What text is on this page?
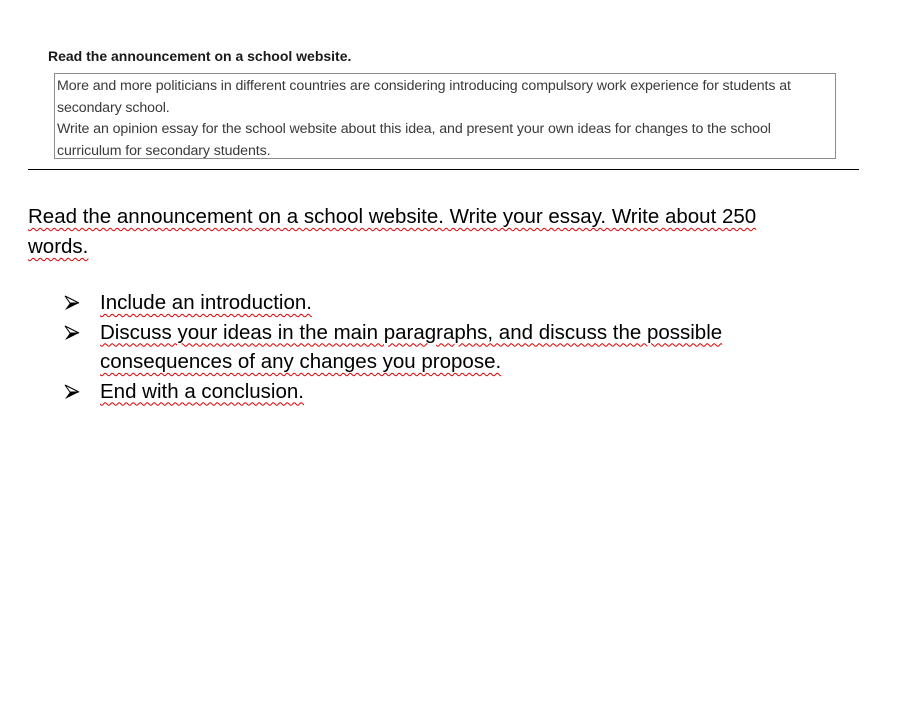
Read the announcement on a school website.

More and more politicians in different countries are considering introducing compulsory work experience for students at secondary school.

Write an opinion essay for the school website about this idea, and present your own ideas for changes to the school curriculum for secondary students.

Read the announcement on a school website. Write your essay. Write about 250 words.

Include an introduction.
Discuss your ideas in the main paragraphs, and discuss the possible consequences of any changes you propose.
End with a conclusion.
